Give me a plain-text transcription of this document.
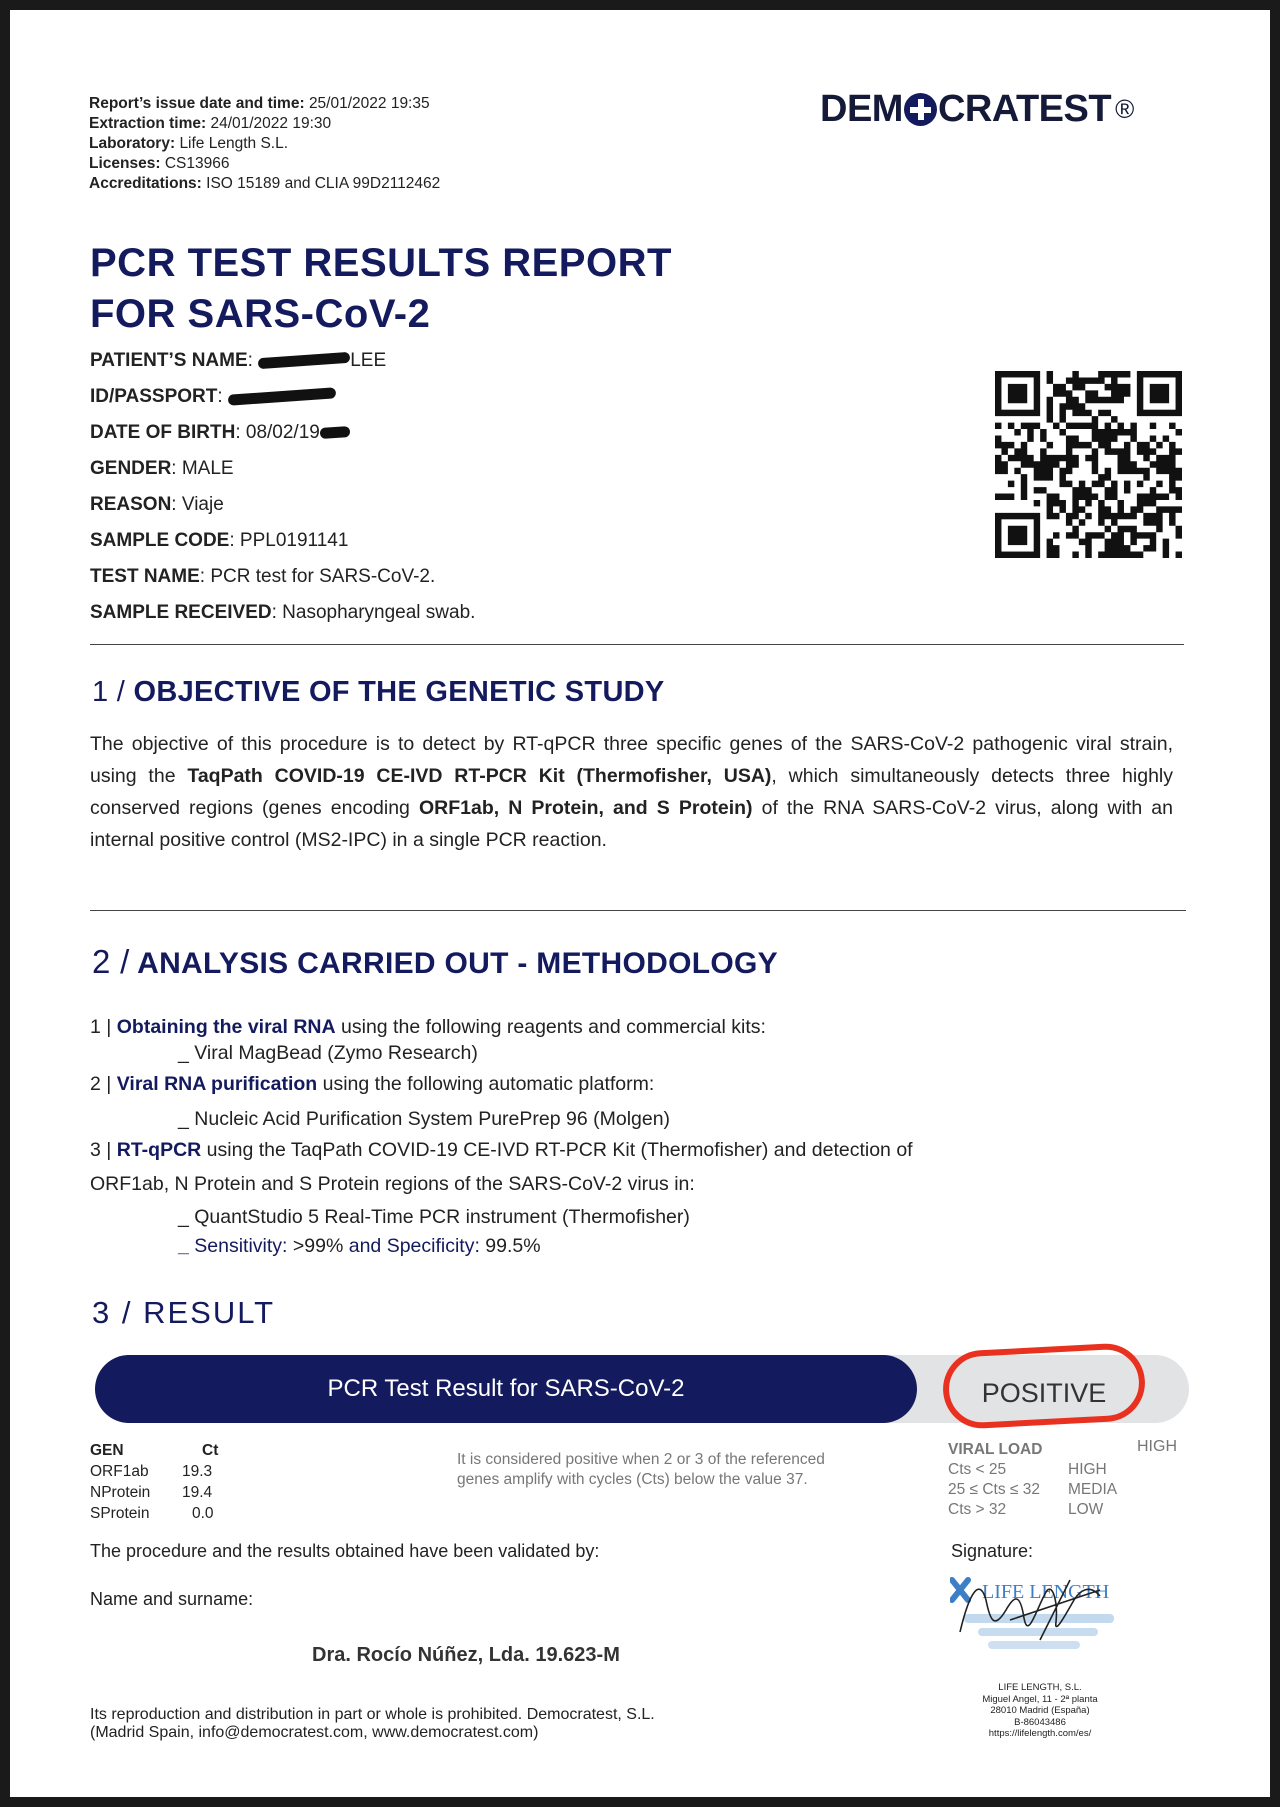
Report’s issue date and time: 25/01/2022 19:35
Extraction time: 24/01/2022 19:30
Laboratory: Life Length S.L.
Licenses: CS13966
Accreditations: ISO 15189 and CLIA 99D2112462
DEM CRATEST ®
PCR TEST RESULTS REPORT
FOR SARS-CoV-2
PATIENT’S NAME:	LEE
ID/PASSPORT:
DATE OF BIRTH: 08/02/19
GENDER: MALE
REASON: Viaje
SAMPLE CODE: PPL0191141
TEST NAME: PCR test for SARS-CoV-2.
SAMPLE RECEIVED: Nasopharyngeal swab.
1 / OBJECTIVE OF THE GENETIC STUDY
The objective of this procedure is to detect by RT-qPCR three specific genes of the SARS-CoV-2 pathogenic viral strain, using the TaqPath COVID-19 CE-IVD RT-PCR Kit (Thermofisher, USA), which simultaneously detects three highly conserved regions (genes encoding ORF1ab, N Protein, and S Protein) of the RNA SARS-CoV-2 virus, along with an internal positive control (MS2-IPC) in a single PCR reaction.
2 / ANALYSIS CARRIED OUT - METHODOLOGY
1 | Obtaining the viral RNA using the following reagents and commercial kits:
_ Viral MagBead (Zymo Research)
2 | Viral RNA purification using the following automatic platform:
_ Nucleic Acid Purification System PurePrep 96 (Molgen)
3 | RT-qPCR using the TaqPath COVID-19 CE-IVD RT-PCR Kit (Thermofisher) and detection of
ORF1ab, N Protein and S Protein regions of the SARS-CoV-2 virus in:
_ QuantStudio 5 Real-Time PCR instrument (Thermofisher)
_ Sensitivity: >99% and Specificity: 99.5%
3 / RESULT
PCR Test Result for SARS-CoV-2	POSITIVE
GEN	Ct
ORF1ab	19.3
NProtein	19.4
SProtein	0.0
It is considered positive when 2 or 3 of the referenced genes amplify with cycles (Cts) below the value 37.
VIRAL LOAD
Cts < 25	HIGH
25 ≤ Cts ≤ 32	MEDIA
Cts > 32	LOW
HIGH
The procedure and the results obtained have been validated by:
Name and surname:
Dra. Rocío Núñez, Lda. 19.623-M
Signature:
LIFE LENGTH
LIFE LENGTH, S.L.
Miguel Angel, 11 - 2ª planta
28010 Madrid (España)
B-86043486
https://lifelength.com/es/
Its reproduction and distribution in part or whole is prohibited. Democratest, S.L.
(Madrid Spain, info@democratest.com, www.democratest.com)
